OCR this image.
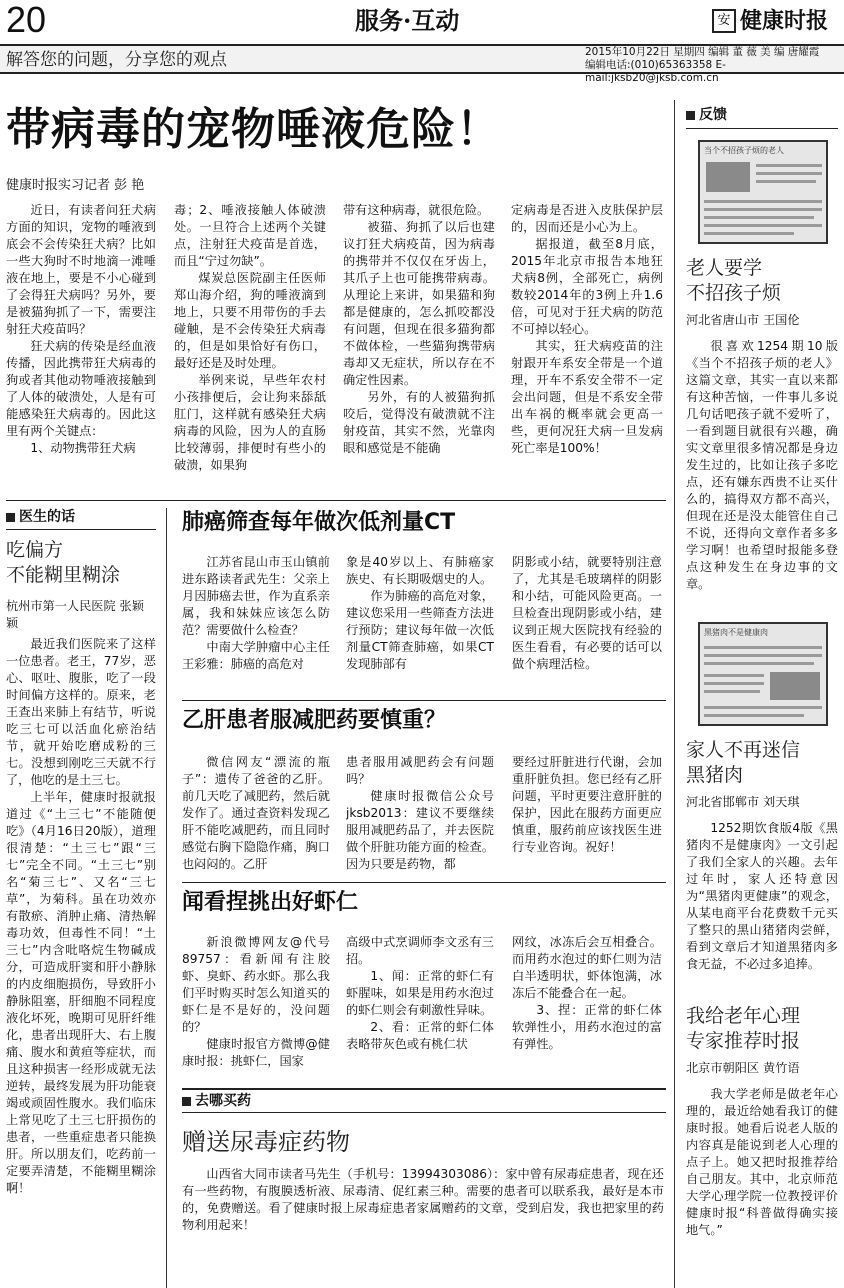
20	服务·互动	安 健康时报
解答您的问题，分享您的观点	2015年10月22日 星期四 编辑 董 薇 美 编 唐耀霞
编辑电话:(010)65363358 E-mail:jksb20@jksb.com.cn
带病毒的宠物唾液危险！
健康时报实习记者 彭 艳

近日，有读者问狂犬病方面的知识，宠物的唾液到底会不会传染狂犬病？比如一些大狗时不时地滴一滩唾液在地上，要是不小心碰到了会得狂犬病吗？另外，要是被猫狗抓了一下，需要注射狂犬疫苗吗？

狂犬病的传染是经血液传播，因此携带狂犬病毒的狗或者其他动物唾液接触到了人体的破溃处，人是有可能感染狂犬病毒的。因此这里有两个关键点：

1、动物携带狂犬病

毒；2、唾液接触人体破溃处。一旦符合上述两个关键点，注射狂犬疫苗是首选，而且“宁过勿缺”。

煤炭总医院副主任医师郑山海介绍，狗的唾液滴到地上，只要不用带伤的手去碰触，是不会传染狂犬病毒的，但是如果恰好有伤口，最好还是及时处理。

举例来说，早些年农村小孩排便后，会让狗来舔舐肛门，这样就有感染狂犬病病毒的风险，因为人的直肠比较薄弱，排便时有些小的破溃，如果狗

带有这种病毒，就很危险。

被猫、狗抓了以后也建议打狂犬病疫苗，因为病毒的携带并不仅仅在牙齿上，其爪子上也可能携带病毒。从理论上来讲，如果猫和狗都是健康的，怎么抓咬都没有问题，但现在很多猫狗都不做体检，一些猫狗携带病毒却又无症状，所以存在不确定性因素。

另外，有的人被猫狗抓咬后，觉得没有破溃就不注射疫苗，其实不然，光靠肉眼和感觉是不能确

定病毒是否进入皮肤保护层的，因而还是小心为上。

据报道，截至8月底，2015年北京市报告本地狂犬病8例，全部死亡，病例数较2014年的3例上升1.6倍，可见对于狂犬病的防范不可掉以轻心。

其实，狂犬病疫苗的注射跟开车系安全带是一个道理，开车不系安全带不一定会出问题，但是不系安全带出车祸的概率就会更高一些，更何况狂犬病一旦发病死亡率是100%！

医生的话
吃偏方
不能糊里糊涂
杭州市第一人民医院 张颖颖

最近我们医院来了这样一位患者。老王，77岁，恶心、呕吐、腹胀，吃了一段时间偏方这样的。原来，老王查出来肺上有结节，听说吃三七可以活血化瘀治结节，就开始吃磨成粉的三七。没想到刚吃三天就不行了，他吃的是土三七。

上半年，健康时报就报道过《“土三七”不能随便吃》（4月16日20版），道理很清楚：“土三七”跟“三七”完全不同。“土三七”别名“菊三七”、又名“三七草”，为菊科。虽在功效亦有散瘀、消肿止痛、清热解毒功效，但毒性不同！“土三七”内含吡咯烷生物碱成分，可造成肝窦和肝小静脉的内皮细胞损伤，导致肝小静脉阻塞，肝细胞不同程度液化坏死，晚期可见肝纤维化，患者出现肝大、右上腹痛、腹水和黄疸等症状，而且这种损害一经形成就无法逆转，最终发展为肝功能衰竭或顽固性腹水。我们临床上常见吃了土三七肝损伤的患者，一些重症患者只能换肝。所以朋友们，吃药前一定要弄清楚，不能糊里糊涂啊！

肺癌筛查每年做次低剂量CT

江苏省昆山市玉山镇前进东路读者武先生：父亲上月因肺癌去世，作为直系亲属，我和妹妹应该怎么防范？需要做什么检查？

中南大学肿瘤中心主任王彩雅：肺癌的高危对

象是40岁以上、有肺癌家族史、有长期吸烟史的人。

作为肺癌的高危对象，建议您采用一些筛查方法进行预防；建议每年做一次低剂量CT筛查肺癌，如果CT发现肺部有

阴影或小结，就要特别注意了，尤其是毛玻璃样的阴影和小结，可能风险更高。一旦检查出现阴影或小结，建议到正规大医院找有经验的医生看看，有必要的话可以做个病理活检。

乙肝患者服减肥药要慎重？

微信网友“漂流的瓶子”：遗传了爸爸的乙肝。前几天吃了减肥药，然后就发作了。通过查资料发现乙肝不能吃减肥药，而且同时感觉右胸下隐隐作痛，胸口也闷闷的。乙肝

患者服用减肥药会有问题吗？

健康时报微信公众号jksb2013：建议不要继续服用减肥药品了，并去医院做个肝脏功能方面的检查。因为只要是药物，都

要经过肝脏进行代谢，会加重肝脏负担。您已经有乙肝问题，平时更要注意肝脏的保护，因此在服药方面更应慎重，服药前应该找医生进行专业咨询。祝好！

闻看捏挑出好虾仁

新浪微博网友@代号89757：看新闻有注胶虾、臭虾、药水虾。那么我们平时购买时怎么知道买的虾仁是不是好的，没问题的？

健康时报官方微博@健康时报：挑虾仁，国家

高级中式烹调师李文丞有三招。

1、闻：正常的虾仁有虾腥味，如果是用药水泡过的虾仁则会有刺激性异味。

2、看：正常的虾仁体表略带灰色或有桃仁状

网纹，冰冻后会互相叠合。而用药水泡过的虾仁则为洁白半透明状，虾体饱满，冰冻后不能叠合在一起。

3、捏：正常的虾仁体软弹性小，用药水泡过的富有弹性。

去哪买药
赠送尿毒症药物

山西省大同市读者马先生（手机号：13994303086）：家中曾有尿毒症患者，现在还有一些药物，有腹膜透析液、尿毒清、促红素三种。需要的患者可以联系我，最好是本市的，免费赠送。看了健康时报上尿毒症患者家属赠药的文章，受到启发，我也把家里的药物利用起来！

反馈
当个不招孩子烦的老人
老人要学
不招孩子烦
河北省唐山市 王国伦

很喜欢1254期10版《当个不招孩子烦的老人》这篇文章，其实一直以来都有这种苦恼，一件事儿多说几句话吧孩子就不爱听了，一看到题目就很有兴趣，确实文章里很多情况都是身边发生过的，比如让孩子多吃点，还有嫌东西贵不让买什么的，搞得双方都不高兴，但现在还是没太能管住自己不说，还得向文章作者多多学习啊！也希望时报能多登点这种发生在身边事的文章。

黑猪肉不是健康肉
家人不再迷信
黑猪肉
河北省邯郸市 刘天琪

1252期饮食版4版《黑猪肉不是健康肉》一文引起了我们全家人的兴趣。去年过年时，家人还特意因为“黑猪肉更健康”的观念，从某电商平台花费数千元买了整只的黑山猪猪肉尝鲜，看到文章后才知道黑猪肉多食无益，不必过多追捧。

我给老年心理
专家推荐时报
北京市朝阳区 黄竹语

我大学老师是做老年心理的，最近给她看我订的健康时报。她看后说老人版的内容真是能说到老人心理的点子上。她又把时报推荐给自己朋友。其中，北京师范大学心理学院一位教授评价健康时报“科普做得确实接地气。”
